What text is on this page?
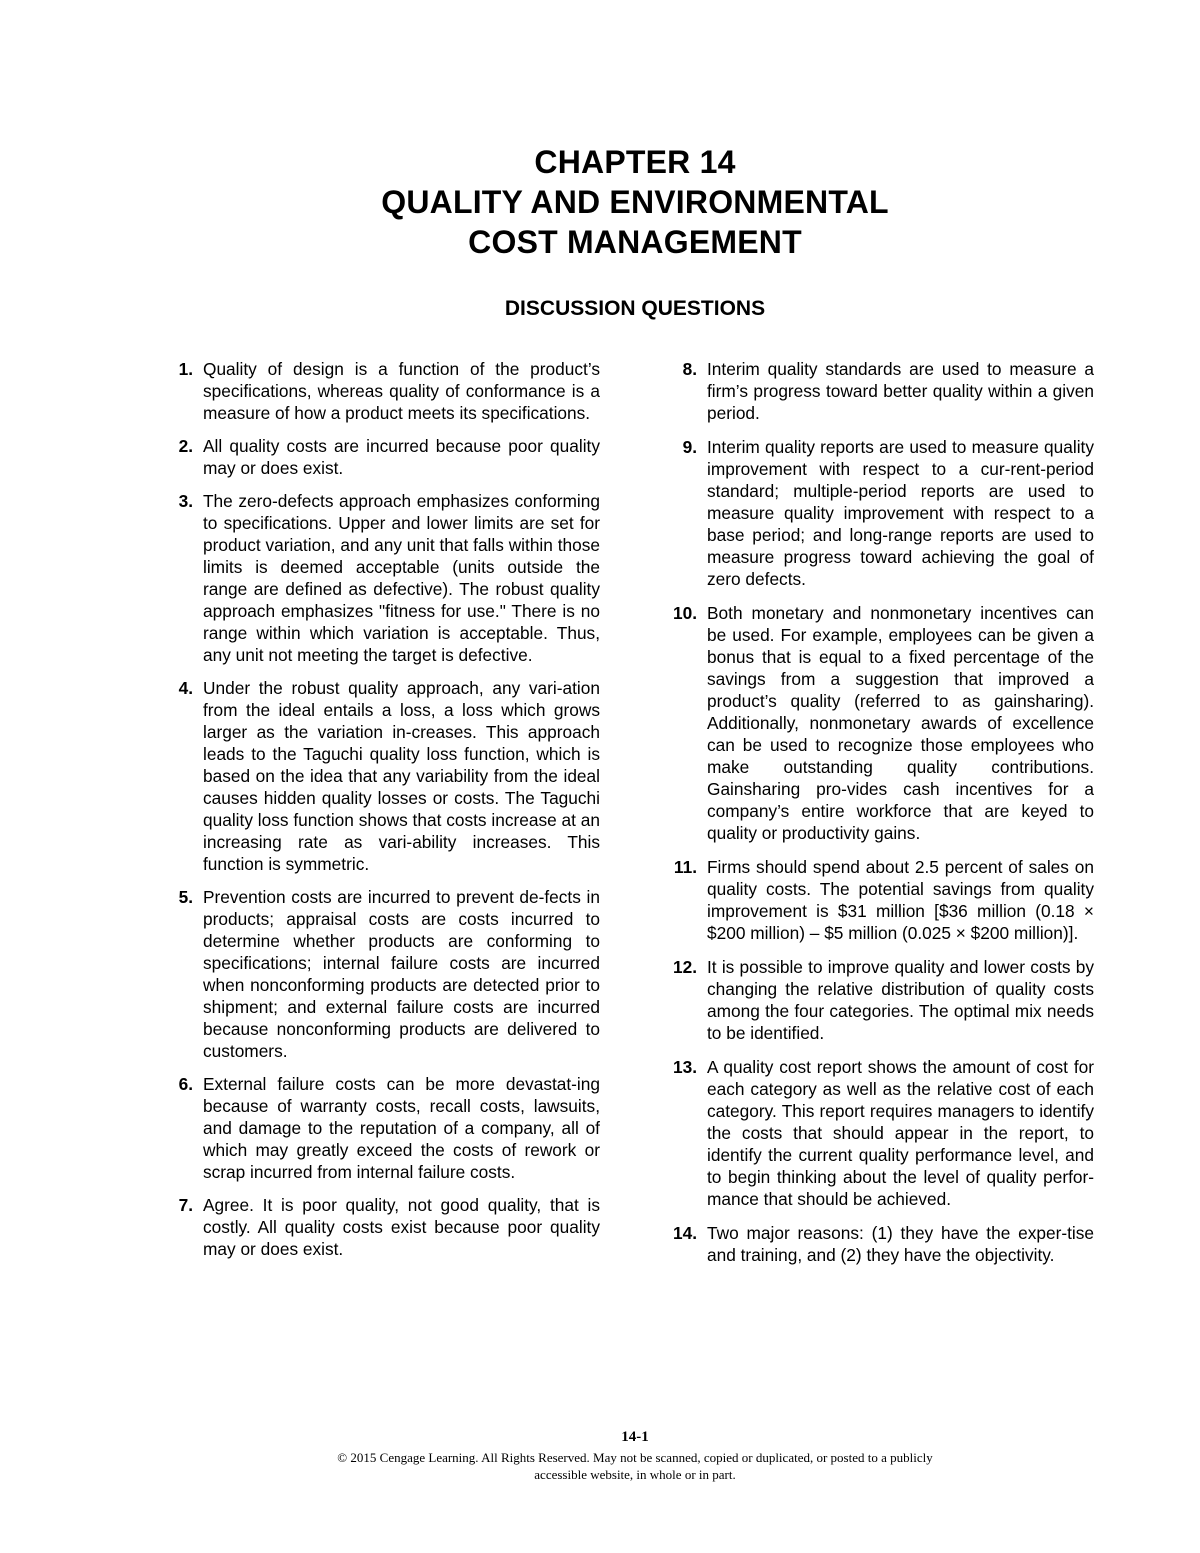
CHAPTER 14
QUALITY AND ENVIRONMENTAL
COST MANAGEMENT
DISCUSSION QUESTIONS
1. Quality of design is a function of the product’s specifications, whereas quality of conformance is a measure of how a product meets its specifications.
2. All quality costs are incurred because poor quality may or does exist.
3. The zero-defects approach emphasizes conforming to specifications. Upper and lower limits are set for product variation, and any unit that falls within those limits is deemed acceptable (units outside the range are defined as defective). The robust quality approach emphasizes "fitness for use." There is no range within which variation is acceptable. Thus, any unit not meeting the target is defective.
4. Under the robust quality approach, any vari-ation from the ideal entails a loss, a loss which grows larger as the variation in-creases. This approach leads to the Taguchi quality loss function, which is based on the idea that any variability from the ideal causes hidden quality losses or costs. The Taguchi quality loss function shows that costs increase at an increasing rate as vari-ability increases. This function is symmetric.
5. Prevention costs are incurred to prevent de-fects in products; appraisal costs are costs incurred to determine whether products are conforming to specifications; internal failure costs are incurred when nonconforming products are detected prior to shipment; and external failure costs are incurred because nonconforming products are delivered to customers.
6. External failure costs can be more devastat-ing because of warranty costs, recall costs, lawsuits, and damage to the reputation of a company, all of which may greatly exceed the costs of rework or scrap incurred from internal failure costs.
7. Agree. It is poor quality, not good quality, that is costly. All quality costs exist because poor quality may or does exist.
8. Interim quality standards are used to measure a firm’s progress toward better quality within a given period.
9. Interim quality reports are used to measure quality improvement with respect to a cur-rent-period standard; multiple-period reports are used to measure quality improvement with respect to a base period; and long-range reports are used to measure progress toward achieving the goal of zero defects.
10. Both monetary and nonmonetary incentives can be used. For example, employees can be given a bonus that is equal to a fixed percentage of the savings from a suggestion that improved a product’s quality (referred to as gainsharing). Additionally, nonmonetary awards of excellence can be used to recognize those employees who make outstanding quality contributions. Gainsharing pro-vides cash incentives for a company’s entire workforce that are keyed to quality or productivity gains.
11. Firms should spend about 2.5 percent of sales on quality costs. The potential savings from quality improvement is $31 million [$36 million (0.18 × $200 million) – $5 million (0.025 × $200 million)].
12. It is possible to improve quality and lower costs by changing the relative distribution of quality costs among the four categories. The optimal mix needs to be identified.
13. A quality cost report shows the amount of cost for each category as well as the relative cost of each category. This report requires managers to identify the costs that should appear in the report, to identify the current quality performance level, and to begin thinking about the level of quality perfor-mance that should be achieved.
14. Two major reasons: (1) they have the exper-tise and training, and (2) they have the objectivity.
14-1
© 2015 Cengage Learning. All Rights Reserved. May not be scanned, copied or duplicated, or posted to a publicly
accessible website, in whole or in part.
